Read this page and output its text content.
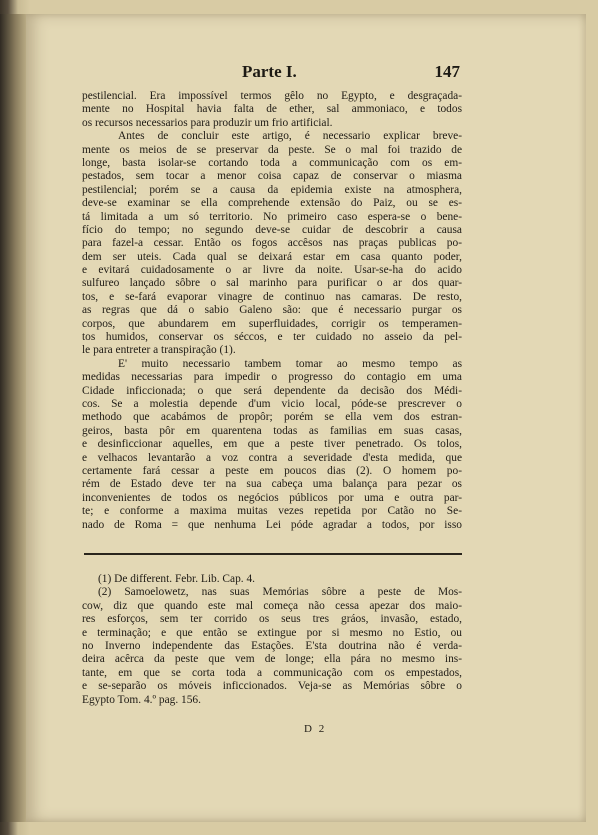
Parte I.	147
pestilencial. Era impossível termos gêlo no Egypto, e desgraçada-
mente no Hospital havia falta de ether, sal ammoniaco, e todos
os recursos necessarios para produzir um frio artificial.
Antes de concluir este artigo, é necessario explicar breve-
mente os meios de se preservar da peste. Se o mal foi trazido de
longe, basta isolar-se cortando toda a communicação com os em-
pestados, sem tocar a menor coisa capaz de conservar o miasma
pestilencial; porém se a causa da epidemia existe na atmosphera,
deve-se examinar se ella comprehende extensão do Paiz, ou se es-
tá limitada a um só territorio. No primeiro caso espera-se o bene-
fício do tempo; no segundo deve-se cuidar de descobrir a causa
para fazel-a cessar. Então os fogos accêsos nas praças publicas po-
dem ser uteis. Cada qual se deixará estar em casa quanto poder,
e evitará cuidadosamente o ar livre da noite. Usar-se-ha do acido
sulfureo lançado sôbre o sal marinho para purificar o ar dos quar-
tos, e se-fará evaporar vinagre de continuo nas camaras. De resto,
as regras que dá o sabio Galeno são: que é necessario purgar os
corpos, que abundarem em superfluidades, corrigir os temperamen-
tos humidos, conservar os séccos, e ter cuidado no asseio da pel-
le para entreter a transpiração (1).
E' muito necessario tambem tomar ao mesmo tempo as
medidas necessarias para impedir o progresso do contagio em uma
Cidade inficcionada; o que será dependente da decisão dos Médi-
cos. Se a molestia depende d'um vicio local, póde-se prescrever o
methodo que acabámos de propôr; porém se ella vem dos estran-
geiros, basta pôr em quarentena todas as familias em suas casas,
e desinficcionar aquelles, em que a peste tiver penetrado. Os tolos,
e velhacos levantarão a voz contra a severidade d'esta medida, que
certamente fará cessar a peste em poucos dias (2). O homem po-
rém de Estado deve ter na sua cabeça uma balança para pezar os
inconvenientes de todos os negócios públicos por uma e outra par-
te; e conforme a maxima muitas vezes repetida por Catão no Se-
nado de Roma = que nenhuma Lei póde agradar a todos, por isso
(1) De different. Febr. Lib. Cap. 4.
(2) Samoelowetz, nas suas Memórias sôbre a peste de Mos-
cow, diz que quando este mal começa não cessa apezar dos maio-
res esforços, sem ter corrido os seus tres gráos, invasão, estado,
e terminação; e que então se extingue por si mesmo no Estio, ou
no Inverno independente das Estações. E'sta doutrina não é verda-
deira acêrca da peste que vem de longe; ella pára no mesmo ins-
tante, em que se corta toda a communicação com os empestados,
e se-separão os móveis inficcionados. Veja-se as Memórias sôbre o
Egypto Tom. 4.º pag. 156.
D 2
